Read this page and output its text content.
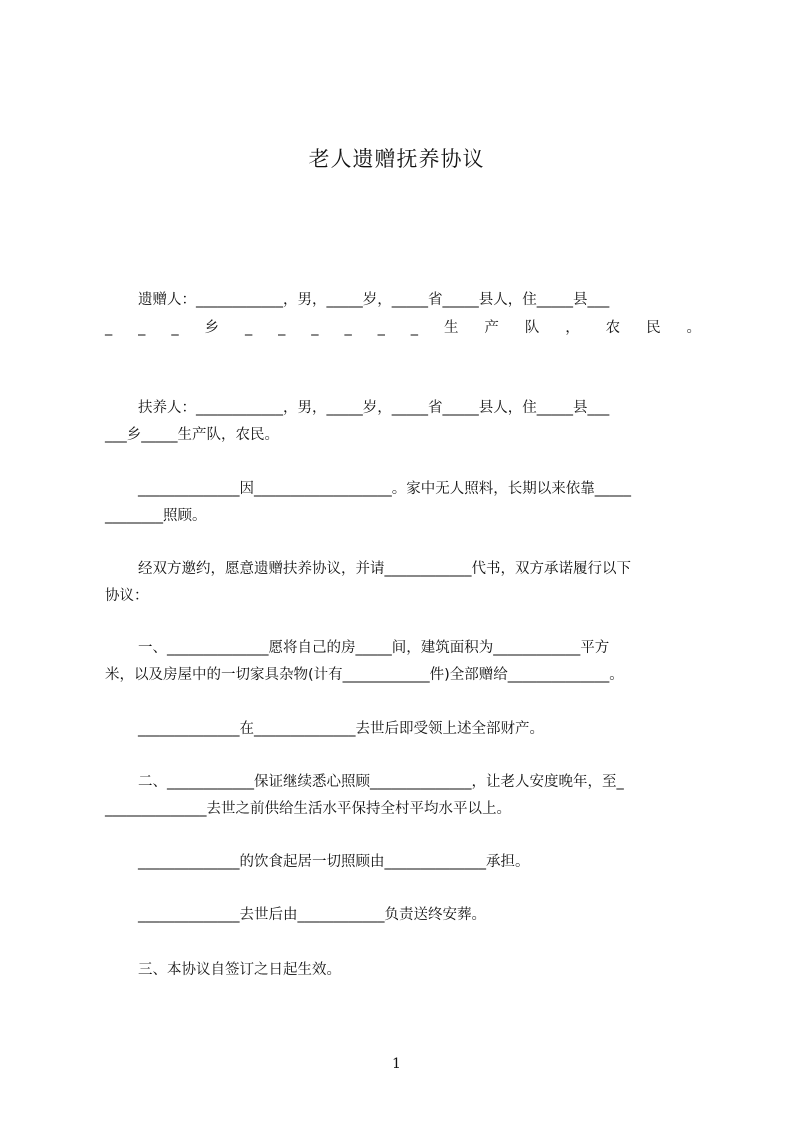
老人遗赠抚养协议
遗赠人：____________，男，_____岁，_____省_____县人，住_____县___
_ _ _ 乡 _ _ _ _ _ _ 生 产 队 ， 农 民 。
扶养人：____________，男，_____岁，_____省_____县人，住_____县___
___乡_____生产队，农民。
______________因___________________。家中无人照料，长期以来依靠_____
________照顾。
经双方邀约，愿意遗赠扶养协议，并请____________代书，双方承诺履行以下
协议：
一、______________愿将自己的房_____间，建筑面积为____________平方
米，以及房屋中的一切家具杂物(计有____________件)全部赠给______________。
______________在______________去世后即受领上述全部财产。
二、____________保证继续悉心照顾______________，让老人安度晚年，至_
______________去世之前供给生活水平保持全村平均水平以上。
______________的饮食起居一切照顾由______________承担。
______________去世后由____________负责送终安葬。
三、本协议自签订之日起生效。
1
